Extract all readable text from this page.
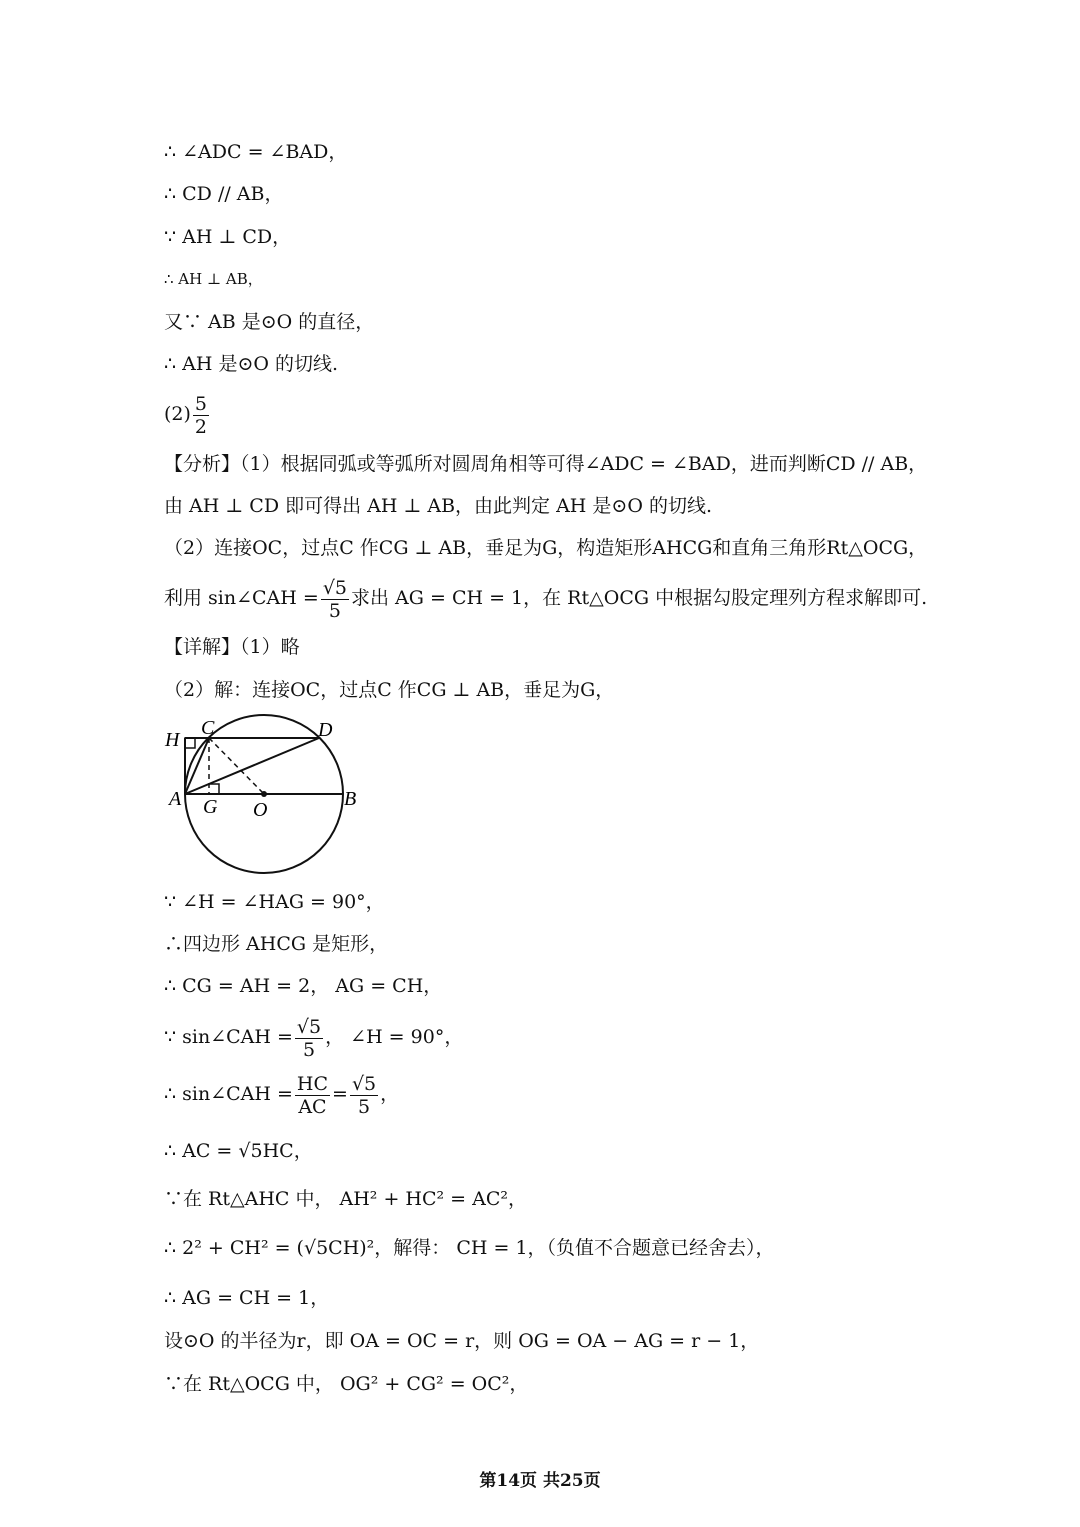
∴ ∠ADC = ∠BAD，
∴ CD // AB，
∵ AH ⊥ CD，
∴ AH ⊥ AB，
又∵ AB 是⊙O 的直径，
∴ AH 是⊙O 的切线.
$(2) \frac{5}{2}$
【分析】（1）根据同弧或等弧所对圆周角相等可得∠ADC = ∠BAD，进而判断CD // AB，
由 AH ⊥ CD 即可得出 AH ⊥ AB，由此判定 AH 是⊙O 的切线.
（2）连接OC，过点C 作CG ⊥ AB，垂足为G，构造矩形AHCG和直角三角形Rt△OCG，
利用 sin∠CAH = $\frac{√5}{5}$ 求出 AG = CH = 1，在 Rt△OCG 中根据勾股定理列方程求解即可.
【详解】（1）略
（2）解：连接OC，过点C 作CG ⊥ AB，垂足为G，
H
C	D
A G O	B
∵ ∠H = ∠HAG = 90°，
∴四边形 AHCG 是矩形，
∴ CG = AH = 2， AG = CH，
∵ sin∠CAH = $\frac{√5}{5}$ ， ∠H = 90°，
∴ sin∠CAH = $\frac{HC}{AC} = \frac{√5}{5}$ ，
∴ AC = √5HC，
∵在 Rt△AHC 中， AH² + HC² = AC²，
∴ 2² + CH² = (√5CH)²，解得： CH = 1，（负值不合题意已经舍去），
∴ AG = CH = 1，
设⊙O 的半径为r，即 OA = OC = r，则 OG = OA − AG = r − 1，
∵在 Rt△OCG 中， OG² + CG² = OC²，
第14页 共25页
